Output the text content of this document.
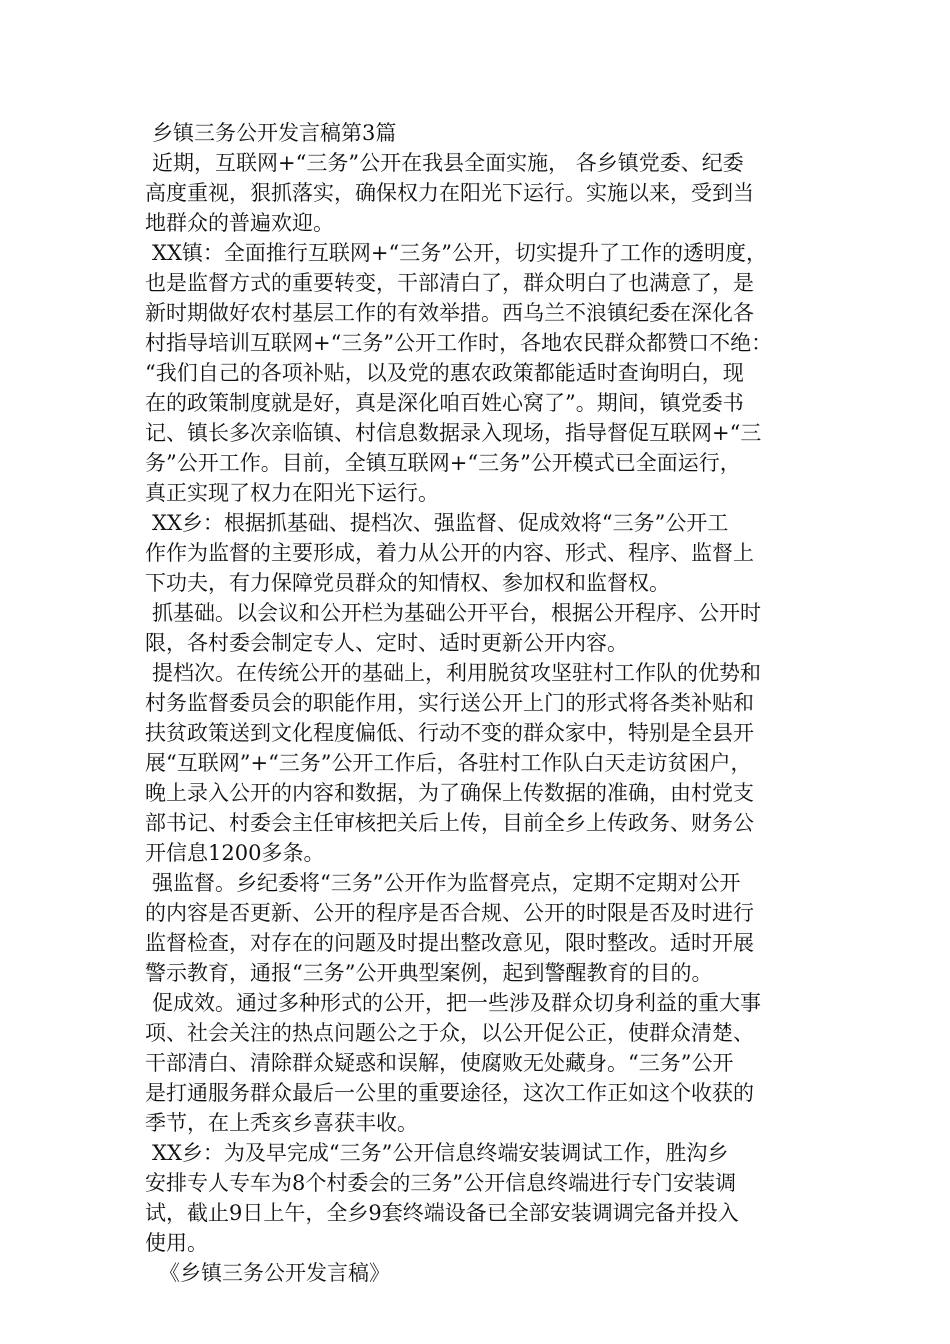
乡镇三务公开发言稿第3篇
近期，互联网+“三务”公开在我县全面实施， 各乡镇党委、纪委
高度重视，狠抓落实，确保权力在阳光下运行。实施以来，受到当
地群众的普遍欢迎。
XX镇：全面推行互联网+“三务”公开，切实提升了工作的透明度，
也是监督方式的重要转变，干部清白了，群众明白了也满意了，是
新时期做好农村基层工作的有效举措。西乌兰不浪镇纪委在深化各
村指导培训互联网+“三务”公开工作时，各地农民群众都赞口不绝：
“我们自己的各项补贴，以及党的惠农政策都能适时查询明白，现
在的政策制度就是好，真是深化咱百姓心窝了”。期间，镇党委书
记、镇长多次亲临镇、村信息数据录入现场，指导督促互联网+“三
务”公开工作。目前，全镇互联网+“三务”公开模式已全面运行，
真正实现了权力在阳光下运行。
XX乡：根据抓基础、提档次、强监督、促成效将“三务”公开工
作作为监督的主要形成，着力从公开的内容、形式、程序、监督上
下功夫，有力保障党员群众的知情权、参加权和监督权。
抓基础。以会议和公开栏为基础公开平台，根据公开程序、公开时
限，各村委会制定专人、定时、适时更新公开内容。
提档次。在传统公开的基础上，利用脱贫攻坚驻村工作队的优势和
村务监督委员会的职能作用，实行送公开上门的形式将各类补贴和
扶贫政策送到文化程度偏低、行动不变的群众家中，特别是全县开
展“互联网”+“三务”公开工作后，各驻村工作队白天走访贫困户，
晚上录入公开的内容和数据，为了确保上传数据的准确，由村党支
部书记、村委会主任审核把关后上传，目前全乡上传政务、财务公
开信息1200多条。
强监督。乡纪委将“三务”公开作为监督亮点，定期不定期对公开
的内容是否更新、公开的程序是否合规、公开的时限是否及时进行
监督检查，对存在的问题及时提出整改意见，限时整改。适时开展
警示教育，通报“三务”公开典型案例，起到警醒教育的目的。
促成效。通过多种形式的公开，把一些涉及群众切身利益的重大事
项、社会关注的热点问题公之于众，以公开促公正，使群众清楚、
干部清白、清除群众疑惑和误解，使腐败无处藏身。“三务”公开
是打通服务群众最后一公里的重要途径，这次工作正如这个收获的
季节，在上秃亥乡喜获丰收。
XX乡：为及早完成“三务”公开信息终端安装调试工作，胜沟乡
安排专人专车为8个村委会的三务”公开信息终端进行专门安装调
试，截止9日上午，全乡9套终端设备已全部安装调调完备并投入
使用。
《乡镇三务公开发言稿》
